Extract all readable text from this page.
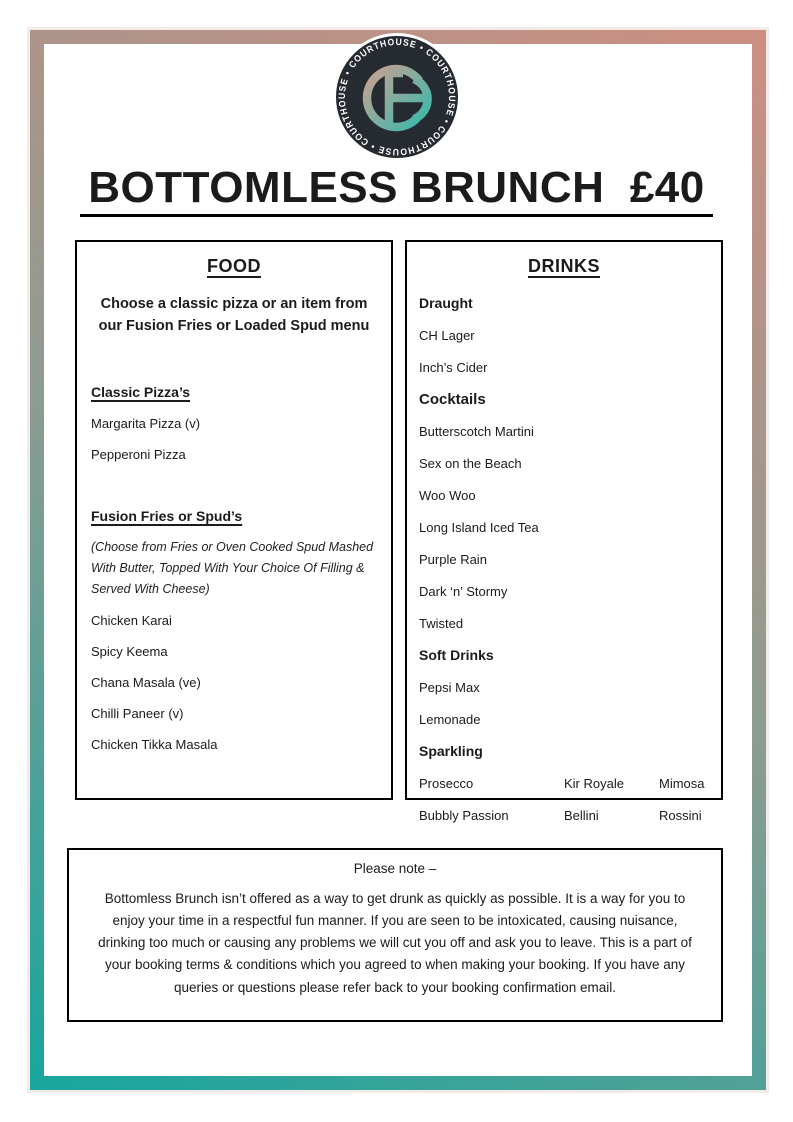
COURTHOUSE • COURTHOUSE • COURTHOUSE • COURTHOUSE •
BOTTOMLESS BRUNCH  £40
FOOD

Choose a classic pizza or an item from our Fusion Fries or Loaded Spud menu

Classic Pizza’s

Margarita Pizza (v)

Pepperoni Pizza

Fusion Fries or Spud’s

(Choose from Fries or Oven Cooked Spud Mashed With Butter, Topped With Your Choice Of Filling & Served With Cheese)

Chicken Karai

Spicy Keema

Chana Masala (ve)

Chilli Paneer (v)

Chicken Tikka Masala

DRINKS

Draught

CH Lager

Inch’s Cider

Cocktails

Butterscotch Martini

Sex on the Beach

Woo Woo

Long Island Iced Tea

Purple Rain

Dark ‘n’ Stormy

Twisted

Soft Drinks

Pepsi Max

Lemonade

Sparkling

Prosecco	Kir Royale	Mimosa
Bubbly Passion	Bellini	Rossini

Please note –

Bottomless Brunch isn’t offered as a way to get drunk as quickly as possible. It is a way for you to enjoy your time in a respectful fun manner. If you are seen to be intoxicated, causing nuisance, drinking too much or causing any problems we will cut you off and ask you to leave. This is a part of your booking terms & conditions which you agreed to when making your booking. If you have any queries or questions please refer back to your booking confirmation email.
